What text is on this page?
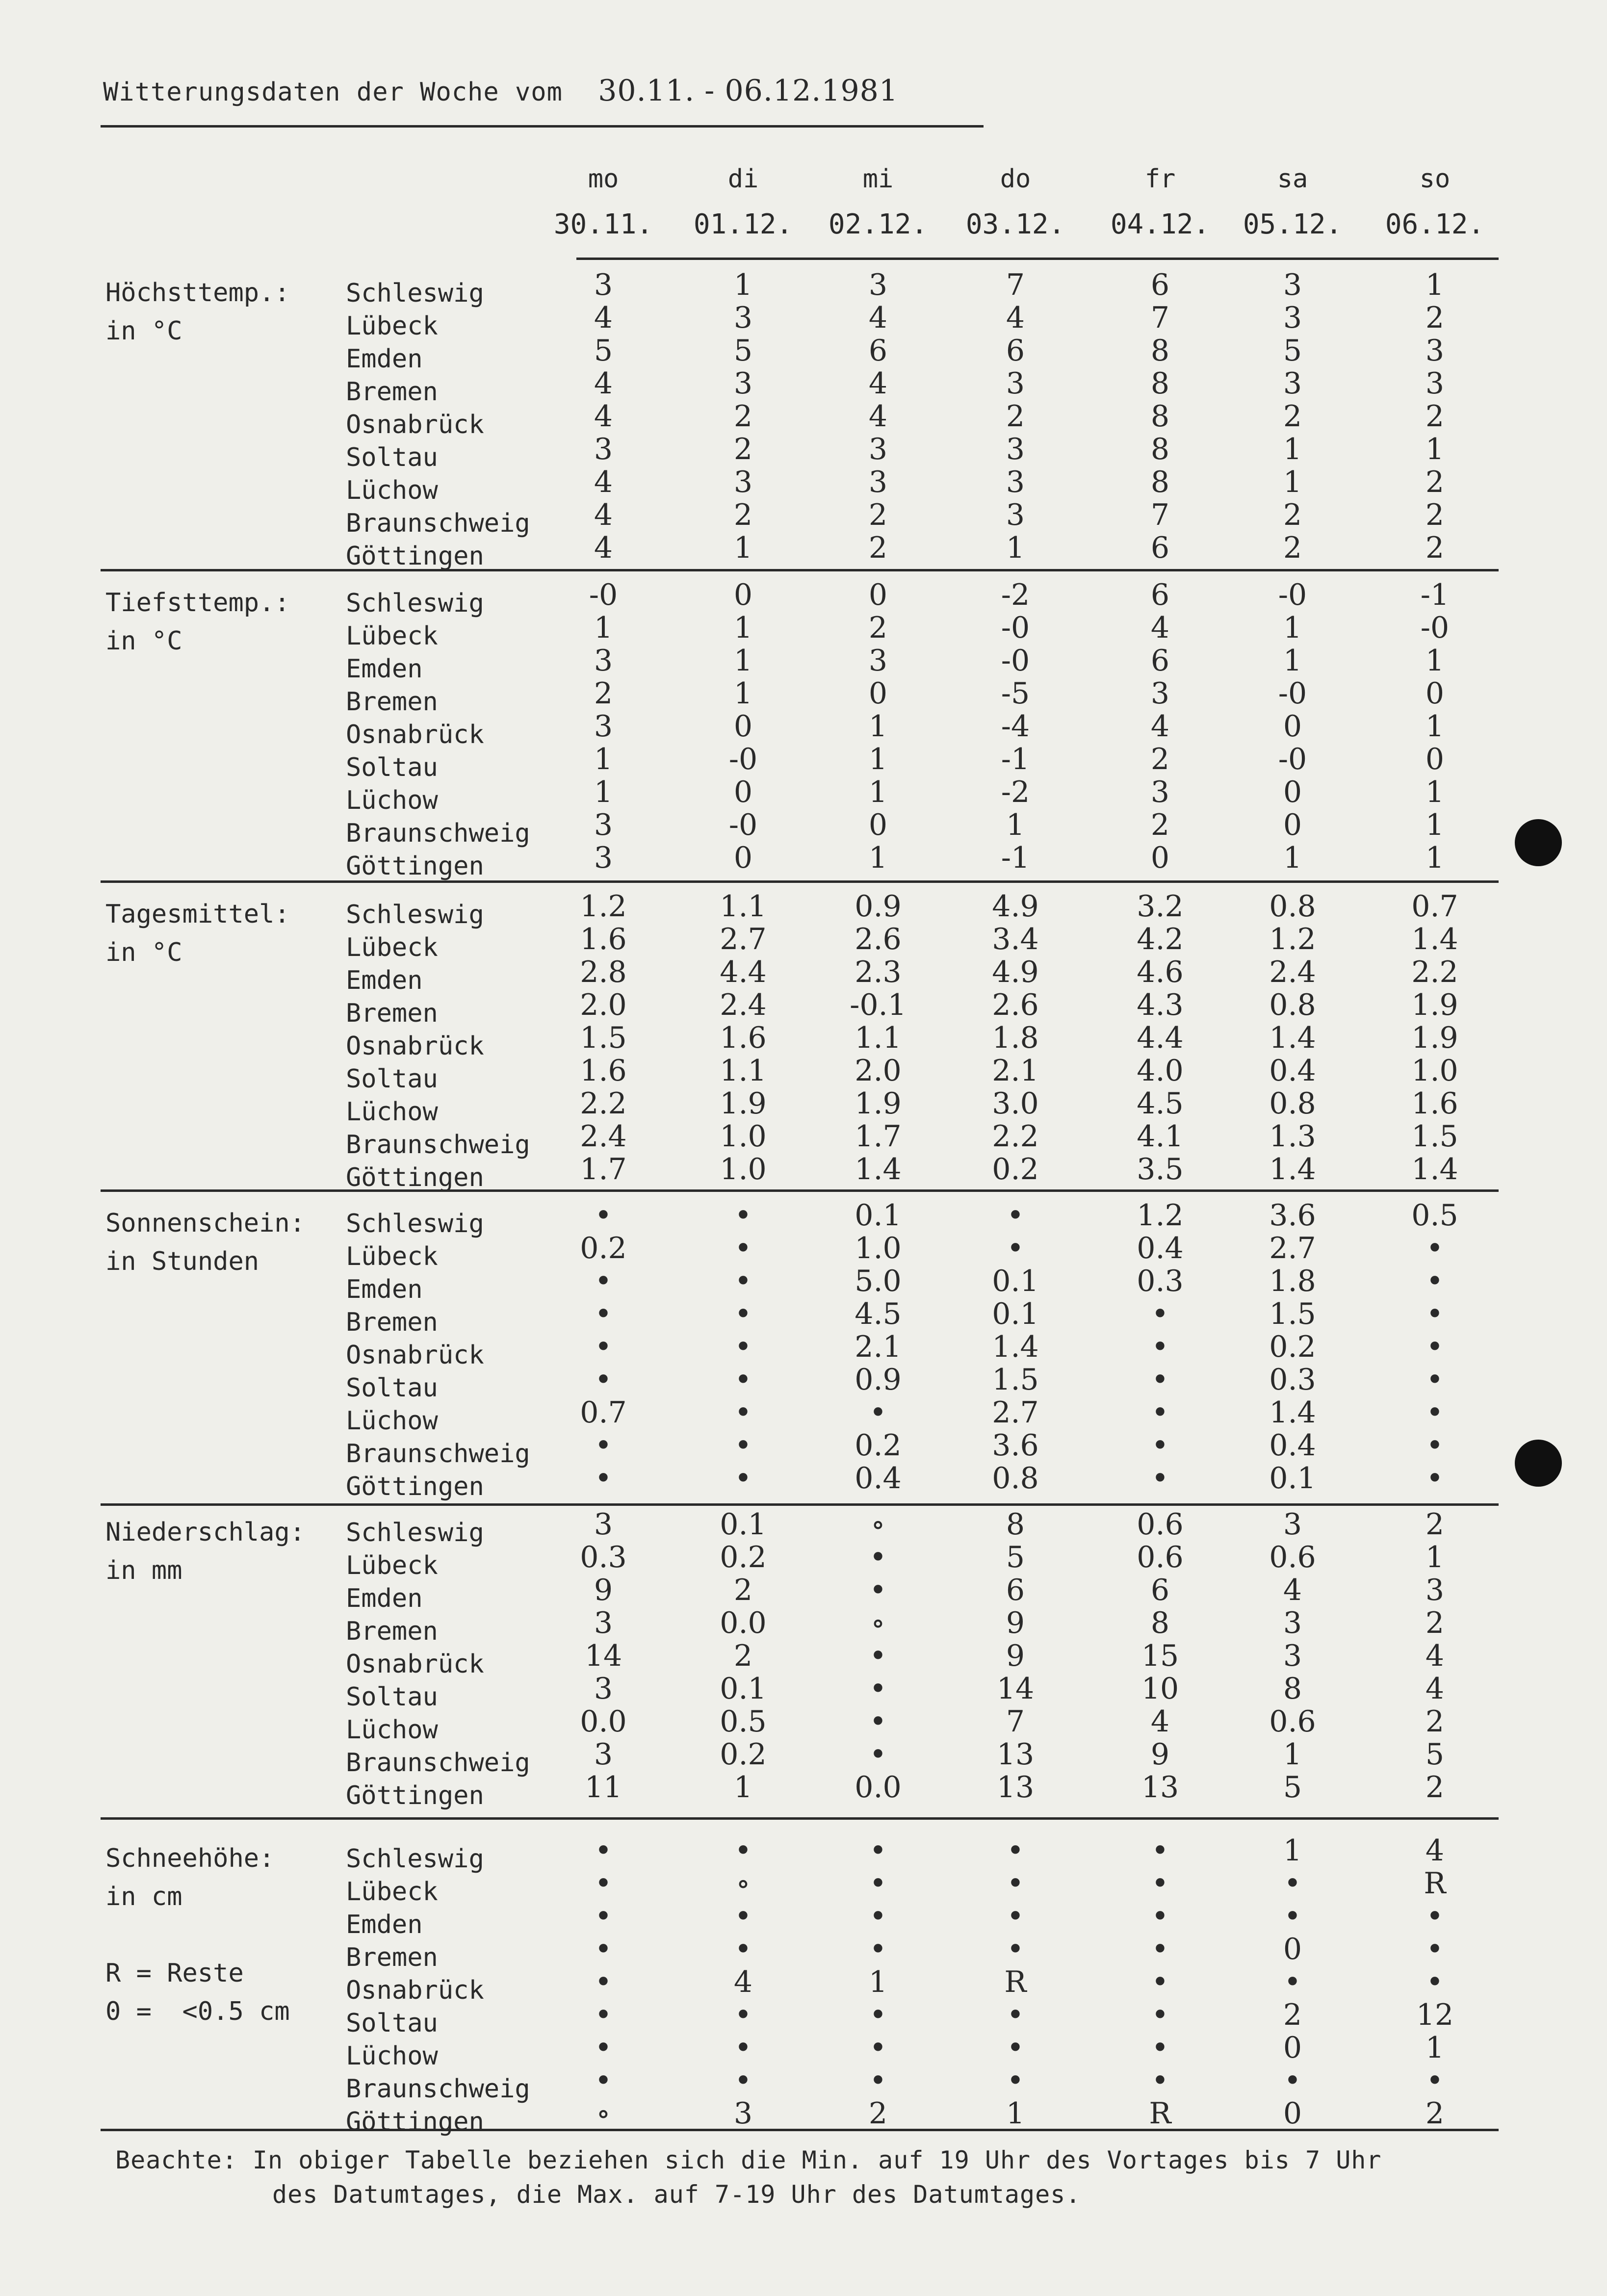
Witterungsdaten der Woche vom 30.11. - 06.12.1981
mo
30.11.
di
01.12.
mi
02.12.
do
03.12.
fr
04.12.
sa
05.12.
so
06.12.
Höchsttemp.:
in °C
Schleswig	3	1	3	7	6	3	1
Lübeck	4	3	4	4	7	3	2
Emden	5	5	6	6	8	5	3
Bremen	4	3	4	3	8	3	3
Osnabrück	4	2	4	2	8	2	2
Soltau	3	2	3	3	8	1	1
Lüchow	4	3	3	3	8	1	2
Braunschweig	4	2	2	3	7	2	2
Göttingen	4	1	2	1	6	2	2
Tiefsttemp.:
in °C
Schleswig	-0	0	0	-2	6	-0	-1
Lübeck	1	1	2	-0	4	1	-0
Emden	3	1	3	-0	6	1	1
Bremen	2	1	0	-5	3	-0	0
Osnabrück	3	0	1	-4	4	0	1
Soltau	1	-0	1	-1	2	-0	0
Lüchow	1	0	1	-2	3	0	1
Braunschweig	3	-0	0	1	2	0	1
Göttingen	3	0	1	-1	0	1	1
Tagesmittel:
in °C
Schleswig	1.2	1.1	0.9	4.9	3.2	0.8	0.7
Lübeck	1.6	2.7	2.6	3.4	4.2	1.2	1.4
Emden	2.8	4.4	2.3	4.9	4.6	2.4	2.2
Bremen	2.0	2.4	-0.1	2.6	4.3	0.8	1.9
Osnabrück	1.5	1.6	1.1	1.8	4.4	1.4	1.9
Soltau	1.6	1.1	2.0	2.1	4.0	0.4	1.0
Lüchow	2.2	1.9	1.9	3.0	4.5	0.8	1.6
Braunschweig	2.4	1.0	1.7	2.2	4.1	1.3	1.5
Göttingen	1.7	1.0	1.4	0.2	3.5	1.4	1.4
Sonnenschein:
in Stunden
Schleswig	•	•	0.1	•	1.2	3.6	0.5
Lübeck	0.2	•	1.0	•	0.4	2.7	•
Emden	•	•	5.0	0.1	0.3	1.8	•
Bremen	•	•	4.5	0.1	•	1.5	•
Osnabrück	•	•	2.1	1.4	•	0.2	•
Soltau	•	•	0.9	1.5	•	0.3	•
Lüchow	0.7	•	•	2.7	•	1.4	•
Braunschweig	•	•	0.2	3.6	•	0.4	•
Göttingen	•	•	0.4	0.8	•	0.1	•
Niederschlag:
in mm
Schleswig	3	0.1	∘	8	0.6	3	2
Lübeck	0.3	0.2	•	5	0.6	0.6	1
Emden	9	2	•	6	6	4	3
Bremen	3	0.0	∘	9	8	3	2
Osnabrück	14	2	•	9	15	3	4
Soltau	3	0.1	•	14	10	8	4
Lüchow	0.0	0.5	•	7	4	0.6	2
Braunschweig	3	0.2	•	13	9	1	5
Göttingen	11	1	0.0	13	13	5	2
Schneehöhe:
in cm

R = Reste
0 =  <0.5 cm
Schleswig	•	•	•	•	•	1	4
Lübeck	•	∘	•	•	•	•	R
Emden	•	•	•	•	•	•	•
Bremen	•	•	•	•	•	0	•
Osnabrück	•	4	1	R	•	•	•
Soltau	•	•	•	•	•	2	12
Lüchow	•	•	•	•	•	0	1
Braunschweig	•	•	•	•	•	•	•
Göttingen	∘	3	2	1	R	0	2
Beachte: In obiger Tabelle beziehen sich die Min. auf 19 Uhr des Vortages bis 7 Uhr
des Datumtages, die Max. auf 7-19 Uhr des Datumtages.
